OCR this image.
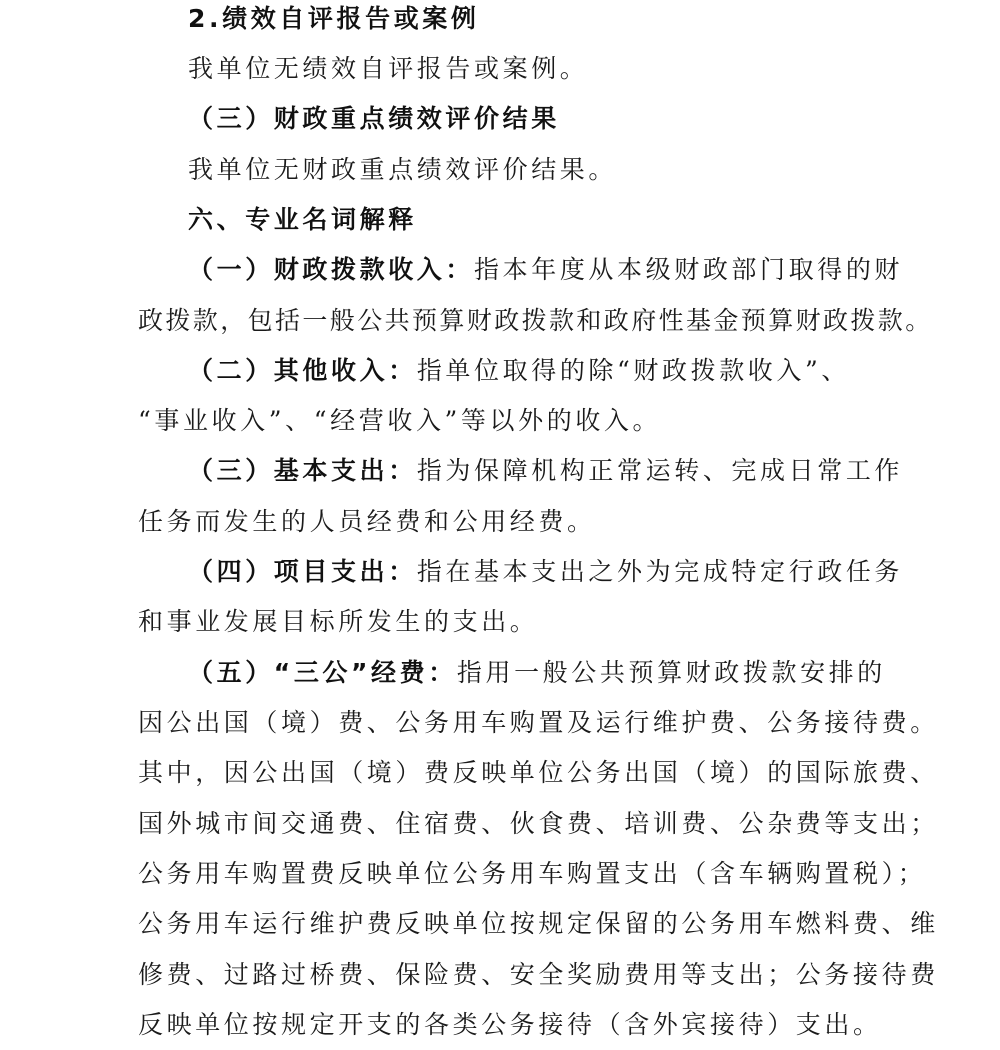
2.绩效自评报告或案例
我单位无绩效自评报告或案例。
（三）财政重点绩效评价结果
我单位无财政重点绩效评价结果。
六、专业名词解释
（一）财政拨款收入：指本年度从本级财政部门取得的财
政拨款，包括一般公共预算财政拨款和政府性基金预算财政拨款。
（二）其他收入：指单位取得的除“财政拨款收入”、
“事业收入”、“经营收入”等以外的收入。
（三）基本支出：指为保障机构正常运转、完成日常工作
任务而发生的人员经费和公用经费。
（四）项目支出：指在基本支出之外为完成特定行政任务
和事业发展目标所发生的支出。
（五）“三公”经费：指用一般公共预算财政拨款安排的
因公出国（境）费、公务用车购置及运行维护费、公务接待费。
其中，因公出国（境）费反映单位公务出国（境）的国际旅费、
国外城市间交通费、住宿费、伙食费、培训费、公杂费等支出；
公务用车购置费反映单位公务用车购置支出（含车辆购置税）；
公务用车运行维护费反映单位按规定保留的公务用车燃料费、维
修费、过路过桥费、保险费、安全奖励费用等支出；公务接待费
反映单位按规定开支的各类公务接待（含外宾接待）支出。
